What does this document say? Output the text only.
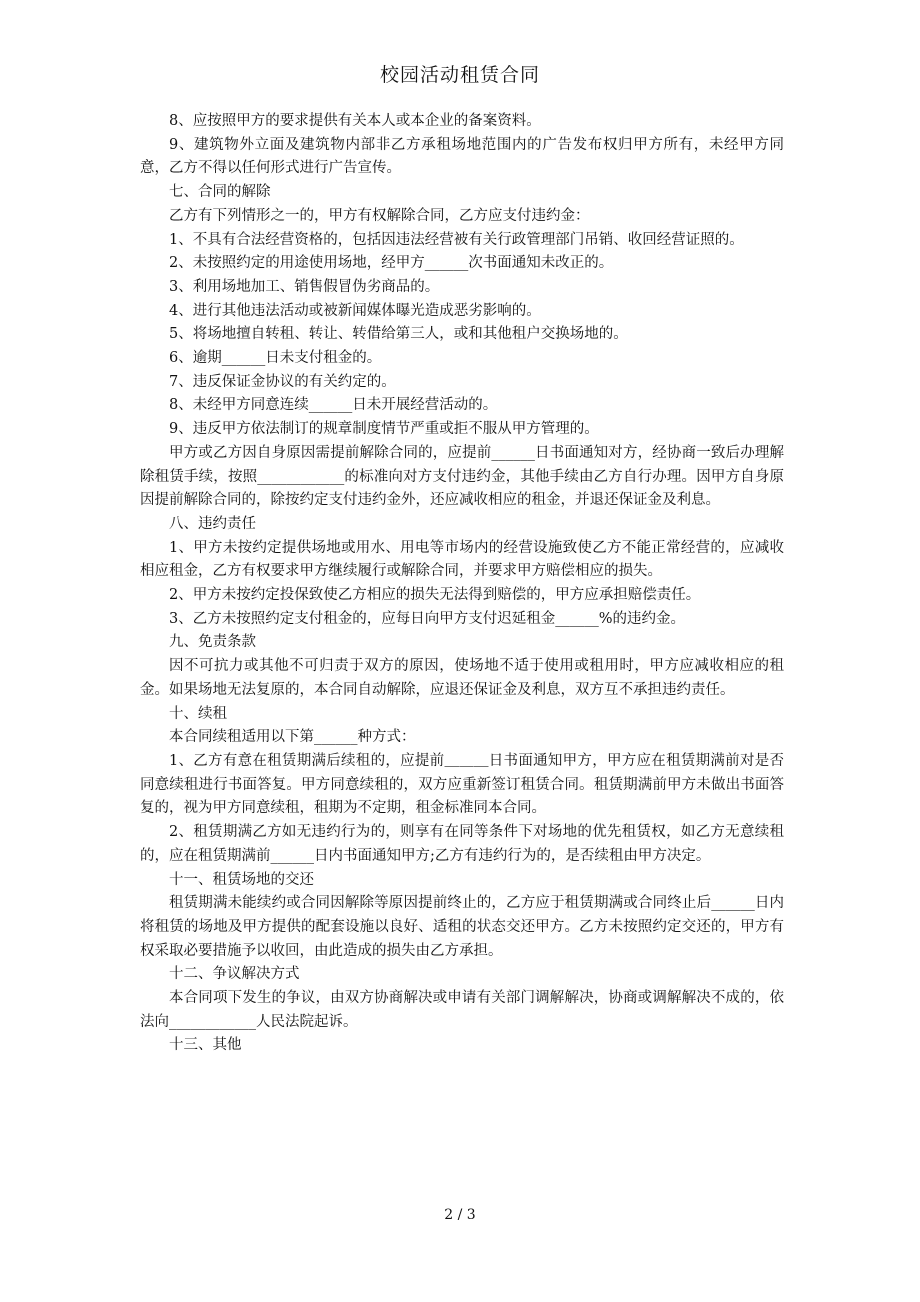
校园活动租赁合同

8、应按照甲方的要求提供有关本人或本企业的备案资料。

9、建筑物外立面及建筑物内部非乙方承租场地范围内的广告发布权归甲方所有，未经甲方同意，乙方不得以任何形式进行广告宣传。

七、合同的解除

乙方有下列情形之一的，甲方有权解除合同，乙方应支付违约金：

1、不具有合法经营资格的，包括因违法经营被有关行政管理部门吊销、收回经营证照的。

2、未按照约定的用途使用场地，经甲方______次书面通知未改正的。

3、利用场地加工、销售假冒伪劣商品的。

4、进行其他违法活动或被新闻媒体曝光造成恶劣影响的。

5、将场地擅自转租、转让、转借给第三人，或和其他租户交换场地的。

6、逾期______日未支付租金的。

7、违反保证金协议的有关约定的。

8、未经甲方同意连续______日未开展经营活动的。

9、违反甲方依法制订的规章制度情节严重或拒不服从甲方管理的。

甲方或乙方因自身原因需提前解除合同的，应提前______日书面通知对方，经协商一致后办理解除租赁手续，按照____________的标准向对方支付违约金，其他手续由乙方自行办理。因甲方自身原因提前解除合同的，除按约定支付违约金外，还应减收相应的租金，并退还保证金及利息。

八、违约责任

1、甲方未按约定提供场地或用水、用电等市场内的经营设施致使乙方不能正常经营的，应减收相应租金，乙方有权要求甲方继续履行或解除合同，并要求甲方赔偿相应的损失。

2、甲方未按约定投保致使乙方相应的损失无法得到赔偿的，甲方应承担赔偿责任。

3、乙方未按照约定支付租金的，应每日向甲方支付迟延租金______%的违约金。

九、免责条款

因不可抗力或其他不可归责于双方的原因，使场地不适于使用或租用时，甲方应减收相应的租金。如果场地无法复原的，本合同自动解除，应退还保证金及利息，双方互不承担违约责任。

十、续租

本合同续租适用以下第______种方式：

1、乙方有意在租赁期满后续租的，应提前＿＿＿日书面通知甲方，甲方应在租赁期满前对是否同意续租进行书面答复。甲方同意续租的，双方应重新签订租赁合同。租赁期满前甲方未做出书面答复的，视为甲方同意续租，租期为不定期，租金标准同本合同。

2、租赁期满乙方如无违约行为的，则享有在同等条件下对场地的优先租赁权，如乙方无意续租的，应在租赁期满前______日内书面通知甲方;乙方有违约行为的，是否续租由甲方决定。

十一、租赁场地的交还

租赁期满未能续约或合同因解除等原因提前终止的，乙方应于租赁期满或合同终止后______日内将租赁的场地及甲方提供的配套设施以良好、适租的状态交还甲方。乙方未按照约定交还的，甲方有权采取必要措施予以收回，由此造成的损失由乙方承担。

十二、争议解决方式

本合同项下发生的争议，由双方协商解决或申请有关部门调解解决，协商或调解解决不成的，依法向____________人民法院起诉。

十三、其他

2 / 3
